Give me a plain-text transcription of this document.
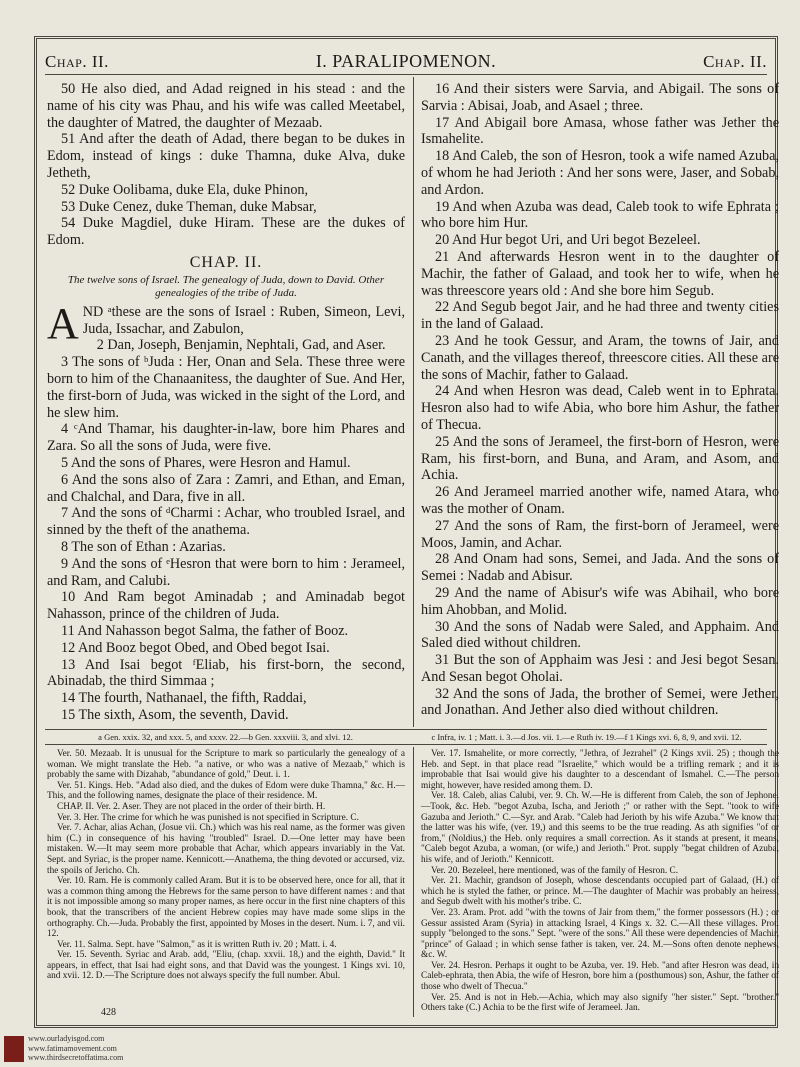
www.ourladyisgod.com
www.fatimamovement.com
www.thirdsecretoffatima.com
Chap. II.	I. PARALIPOMENON.	Chap. II.

50 He also died, and Adad reigned in his stead : and the name of his city was Phau, and his wife was called Meetabel, the daughter of Matred, the daughter of Mezaab.

51 And after the death of Adad, there began to be dukes in Edom, instead of kings : duke Thamna, duke Alva, duke Jetheth,

52 Duke Oolibama, duke Ela, duke Phinon,

53 Duke Cenez, duke Theman, duke Mabsar,

54 Duke Magdiel, duke Hiram. These are the dukes of Edom.

CHAP. II.
The twelve sons of Israel. The genealogy of Juda, down to David. Other genealogies of the tribe of Juda.

AND ᵃthese are the sons of Israel : Ruben, Simeon, Levi, Juda, Issachar, and Zabulon,

2 Dan, Joseph, Benjamin, Nephtali, Gad, and Aser.

3 The sons of ᵇJuda : Her, Onan and Sela. These three were born to him of the Chanaanitess, the daughter of Sue. And Her, the first-born of Juda, was wicked in the sight of the Lord, and he slew him.

4 ᶜAnd Thamar, his daughter-in-law, bore him Phares and Zara. So all the sons of Juda, were five.

5 And the sons of Phares, were Hesron and Hamul.

6 And the sons also of Zara : Zamri, and Ethan, and Eman, and Chalchal, and Dara, five in all.

7 And the sons of ᵈCharmi : Achar, who troubled Israel, and sinned by the theft of the anathema.

8 The son of Ethan : Azarias.

9 And the sons of ᵉHesron that were born to him : Jerameel, and Ram, and Calubi.

10 And Ram begot Aminadab ; and Aminadab begot Nahasson, prince of the children of Juda.

11 And Nahasson begot Salma, the father of Booz.

12 And Booz begot Obed, and Obed begot Isai.

13 And Isai begot ᶠEliab, his first-born, the second, Abinadab, the third Simmaa ;

14 The fourth, Nathanael, the fifth, Raddai,

15 The sixth, Asom, the seventh, David.

16 And their sisters were Sarvia, and Abigail. The sons of Sarvia : Abisai, Joab, and Asael ; three.

17 And Abigail bore Amasa, whose father was Jether the Ismahelite.

18 And Caleb, the son of Hesron, took a wife named Azuba, of whom he had Jerioth : And her sons were, Jaser, and Sobab, and Ardon.

19 And when Azuba was dead, Caleb took to wife Ephrata ; who bore him Hur.

20 And Hur begot Uri, and Uri begot Bezeleel.

21 And afterwards Hesron went in to the daughter of Machir, the father of Galaad, and took her to wife, when he was threescore years old : And she bore him Segub.

22 And Segub begot Jair, and he had three and twenty cities in the land of Galaad.

23 And he took Gessur, and Aram, the towns of Jair, and Canath, and the villages thereof, threescore cities. All these are the sons of Machir, father to Galaad.

24 And when Hesron was dead, Caleb went in to Ephrata. Hesron also had to wife Abia, who bore him Ashur, the father of Thecua.

25 And the sons of Jerameel, the first-born of Hesron, were Ram, his first-born, and Buna, and Aram, and Asom, and Achia.

26 And Jerameel married another wife, named Atara, who was the mother of Onam.

27 And the sons of Ram, the first-born of Jerameel, were Moos, Jamin, and Achar.

28 And Onam had sons, Semei, and Jada. And the sons of Semei : Nadab and Abisur.

29 And the name of Abisur's wife was Abihail, who bore him Ahobban, and Molid.

30 And the sons of Nadab were Saled, and Apphaim. And Saled died without children.

31 But the son of Apphaim was Jesi : and Jesi begot Sesan. And Sesan begot Oholai.

32 And the sons of Jada, the brother of Semei, were Jether, and Jonathan. And Jether also died without children.

a Gen. xxix. 32, and xxx. 5, and xxxv. 22.—b Gen. xxxviii. 3, and xlvi. 12.	c Infra, iv. 1 ; Matt. i. 3.—d Jos. vii. 1.—e Ruth iv. 19.—f 1 Kings xvi. 6, 8, 9, and xvii. 12.

Ver. 50. Mezaab. It is unusual for the Scripture to mark so particularly the genealogy of a woman. We might translate the Heb. "a native, or who was a native of Mezaab," which is probably the same with Dizahab, "abundance of gold," Deut. i. 1.

Ver. 51. Kings. Heb. "Adad also died, and the dukes of Edom were duke Thamna," &c. H.—This, and the following names, designate the place of their residence. M.

CHAP. II. Ver. 2. Aser. They are not placed in the order of their birth. H.

Ver. 3. Her. The crime for which he was punished is not specified in Scripture. C.

Ver. 7. Achar, alias Achan, (Josue vii. Ch.) which was his real name, as the former was given him (C.) in consequence of his having "troubled" Israel. D.—One letter may have been mistaken. W.—It may seem more probable that Achar, which appears invariably in the Vat. Sept. and Syriac, is the proper name. Kennicott.—Anathema, the thing devoted or accursed, viz. the spoils of Jericho. Ch.

Ver. 10. Ram. He is commonly called Aram. But it is to be observed here, once for all, that it was a common thing among the Hebrews for the same person to have different names : and that it is not impossible among so many proper names, as here occur in the first nine chapters of this book, that the transcribers of the ancient Hebrew copies may have made some slips in the orthography. Ch.—Juda. Probably the first, appointed by Moses in the desert. Num. i. 7, and vii. 12.

Ver. 11. Salma. Sept. have "Salmon," as it is written Ruth iv. 20 ; Matt. i. 4.

Ver. 15. Seventh. Syriac and Arab. add, "Eliu, (chap. xxvii. 18,) and the eighth, David." It appears, in effect, that Isai had eight sons, and that David was the youngest. 1 Kings xvi. 10, and xvii. 12. D.—The Scripture does not always specify the full number. Abul.

Ver. 17. Ismahelite, or more correctly, "Jethra, of Jezrahel" (2 Kings xvii. 25) ; though the Heb. and Sept. in that place read "Israelite," which would be a trifling remark ; and it is improbable that Isai would give his daughter to a descendant of Ismahel. C.—The person might, however, have resided among them. D.

Ver. 18. Caleb, alias Calubi, ver. 9. Ch. W.—He is different from Caleb, the son of Jephone.—Took, &c. Heb. "begot Azuba, Ischa, and Jerioth ;" or rather with the Sept. "took to wife Gazuba and Jerioth." C.—Syr. and Arab. "Caleb had Jerioth by his wife Azuba." We know that the latter was his wife, (ver. 19,) and this seems to be the true reading. As ath signifies "of or from," (Noldius,) the Heb. only requires a small correction. As it stands at present, it means, "Caleb begot Azuba, a woman, (or wife,) and Jerioth." Prot. supply "begat children of Azuba, his wife, and of Jerioth." Kennicott.

Ver. 20. Bezeleel, here mentioned, was of the family of Hesron. C.

Ver. 21. Machir, grandson of Joseph, whose descendants occupied part of Galaad, (H.) of which he is styled the father, or prince. M.—The daughter of Machir was probably an heiress, and Segub dwelt with his mother's tribe. C.

Ver. 23. Aram. Prot. add "with the towns of Jair from them," the former possessors (H.) ; or Gessur assisted Aram (Syria) in attacking Israel, 4 Kings x. 32. C.—All these villages. Prot. supply "belonged to the sons." Sept. "were of the sons." All these were dependencies of Machir, "prince" of Galaad ; in which sense father is taken, ver. 24. M.—Sons often denote nephews, &c. W.

Ver. 24. Hesron. Perhaps it ought to be Azuba, ver. 19. Heb. "and after Hesron was dead, in Caleb-ephrata, then Abia, the wife of Hesron, bore him a (posthumous) son, Ashur, the father of those who dwelt of Thecua."

Ver. 25. And is not in Heb.—Achia, which may also signify "her sister." Sept. "brother." Others take (C.) Achia to be the first wife of Jerameel. Jan.

428
